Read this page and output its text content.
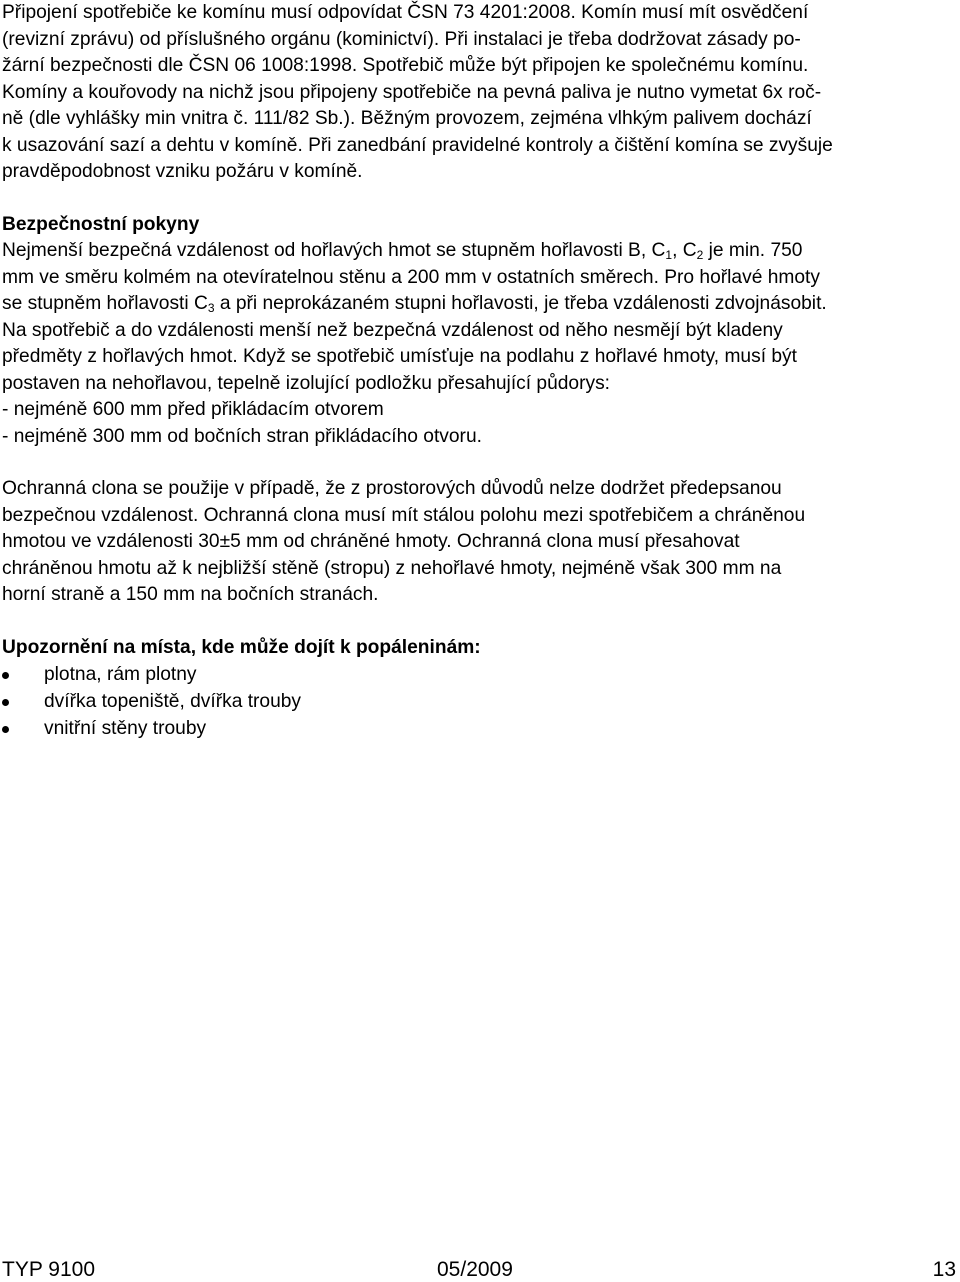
Připojení spotřebiče ke komínu musí odpovídat ČSN 73 4201:2008. Komín musí mít osvědčení
(revizní zprávu) od příslušného orgánu (kominictví). Při instalaci je třeba dodržovat zásady po-
žární bezpečnosti dle ČSN 06 1008:1998. Spotřebič může být připojen ke společnému komínu.
Komíny a kouřovody na nichž jsou připojeny spotřebiče na pevná paliva je nutno vymetat 6x roč-
ně (dle vyhlášky min vnitra č. 111/82 Sb.). Běžným provozem, zejména vlhkým palivem dochází
k usazování sazí a dehtu v komíně. Při zanedbání pravidelné kontroly a čištění komína se zvyšuje
pravděpodobnost vzniku požáru v komíně.
Bezpečnostní pokyny
Nejmenší bezpečná vzdálenost od hořlavých hmot se stupněm hořlavosti B, $C_1$, $C_2$ je min. 750
mm ve směru kolmém na otevíratelnou stěnu a 200 mm v ostatních směrech. Pro hořlavé hmoty
se stupněm hořlavosti $C_3$ a při neprokázaném stupni hořlavosti, je třeba vzdálenosti zdvojnásobit.
Na spotřebič a do vzdálenosti menší než bezpečná vzdálenost od něho nesmějí být kladeny
předměty z hořlavých hmot. Když se spotřebič umísťuje na podlahu z hořlavé hmoty, musí být
postaven na nehořlavou, tepelně izolující podložku přesahující půdorys:
- nejméně 600 mm před přikládacím otvorem
- nejméně 300 mm od bočních stran přikládacího otvoru.
Ochranná clona se použije v případě, že z prostorových důvodů nelze dodržet předepsanou
bezpečnou vzdálenost. Ochranná clona musí mít stálou polohu mezi spotřebičem a chráněnou
hmotou ve vzdálenosti 30±5 mm od chráněné hmoty. Ochranná clona musí přesahovat
chráněnou hmotu až k nejbližší stěně (stropu) z nehořlavé hmoty, nejméně však 300 mm na
horní straně a 150 mm na bočních stranách.
Upozornění na místa, kde může dojít k popáleninám:
plotna, rám plotny
dvířka topeniště, dvířka trouby
vnitřní stěny trouby
TYP 9100	05/2009	13
